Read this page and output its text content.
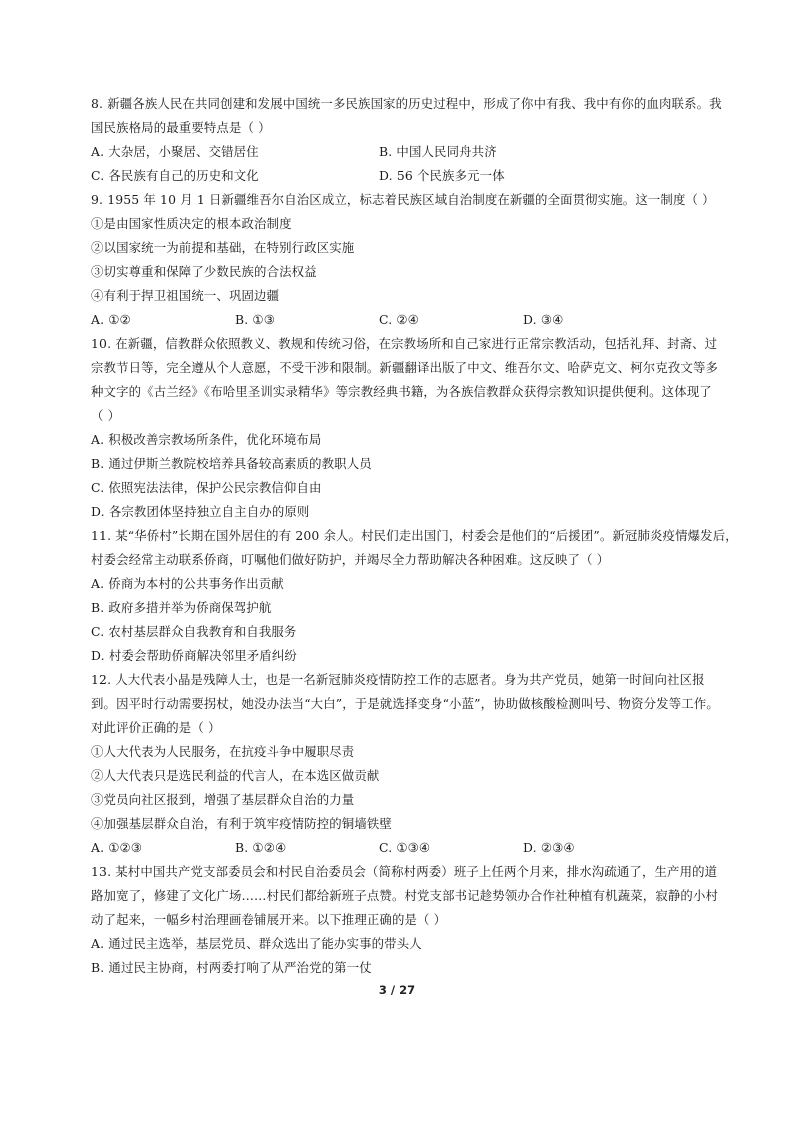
8. 新疆各族人民在共同创建和发展中国统一多民族国家的历史过程中，形成了你中有我、我中有你的血肉联系。我
国民族格局的最重要特点是（ ）
A. 大杂居，小聚居、交错居住	B. 中国人民同舟共济
C. 各民族有自己的历史和文化	D. 56 个民族多元一体
9. 1955 年 10 月 1 日新疆维吾尔自治区成立，标志着民族区域自治制度在新疆的全面贯彻实施。这一制度（ ）
①是由国家性质决定的根本政治制度
②以国家统一为前提和基础，在特别行政区实施
③切实尊重和保障了少数民族的合法权益
④有利于捍卫祖国统一、巩固边疆
A. ①②	B. ①③	C. ②④	D. ③④
10. 在新疆，信教群众依照教义、教规和传统习俗，在宗教场所和自己家进行正常宗教活动，包括礼拜、封斋、过
宗教节日等，完全遵从个人意愿，不受干涉和限制。新疆翻译出版了中文、维吾尔文、哈萨克文、柯尔克孜文等多
种文字的《古兰经》《布哈里圣训实录精华》等宗教经典书籍，为各族信教群众获得宗教知识提供便利。这体现了
（ ）
A. 积极改善宗教场所条件，优化环境布局
B. 通过伊斯兰教院校培养具备较高素质的教职人员
C. 依照宪法法律，保护公民宗教信仰自由
D. 各宗教团体坚持独立自主自办的原则
11. 某“华侨村”长期在国外居住的有 200 余人。村民们走出国门，村委会是他们的“后援团”。新冠肺炎疫情爆发后，
村委会经常主动联系侨商，叮嘱他们做好防护，并竭尽全力帮助解决各种困难。这反映了（ ）
A. 侨商为本村的公共事务作出贡献
B. 政府多措并举为侨商保驾护航
C. 农村基层群众自我教育和自我服务
D. 村委会帮助侨商解决邻里矛盾纠纷
12. 人大代表小晶是残障人士，也是一名新冠肺炎疫情防控工作的志愿者。身为共产党员，她第一时间向社区报
到。因平时行动需要拐杖，她没办法当“大白”，于是就选择变身“小蓝”，协助做核酸检测叫号、物资分发等工作。
对此评价正确的是（ ）
①人大代表为人民服务，在抗疫斗争中履职尽责
②人大代表只是选民利益的代言人，在本选区做贡献
③党员向社区报到，增强了基层群众自治的力量
④加强基层群众自治，有利于筑牢疫情防控的铜墙铁壁
A. ①②③	B. ①②④	C. ①③④	D. ②③④
13. 某村中国共产党支部委员会和村民自治委员会（简称村两委）班子上任两个月来，排水沟疏通了，生产用的道
路加宽了，修建了文化广场……村民们都给新班子点赞。村党支部书记趁势领办合作社种植有机蔬菜，寂静的小村
动了起来，一幅乡村治理画卷铺展开来。以下推理正确的是（ ）
A. 通过民主选举，基层党员、群众选出了能办实事的带头人
B. 通过民主协商，村两委打响了从严治党的第一仗
3 / 27
